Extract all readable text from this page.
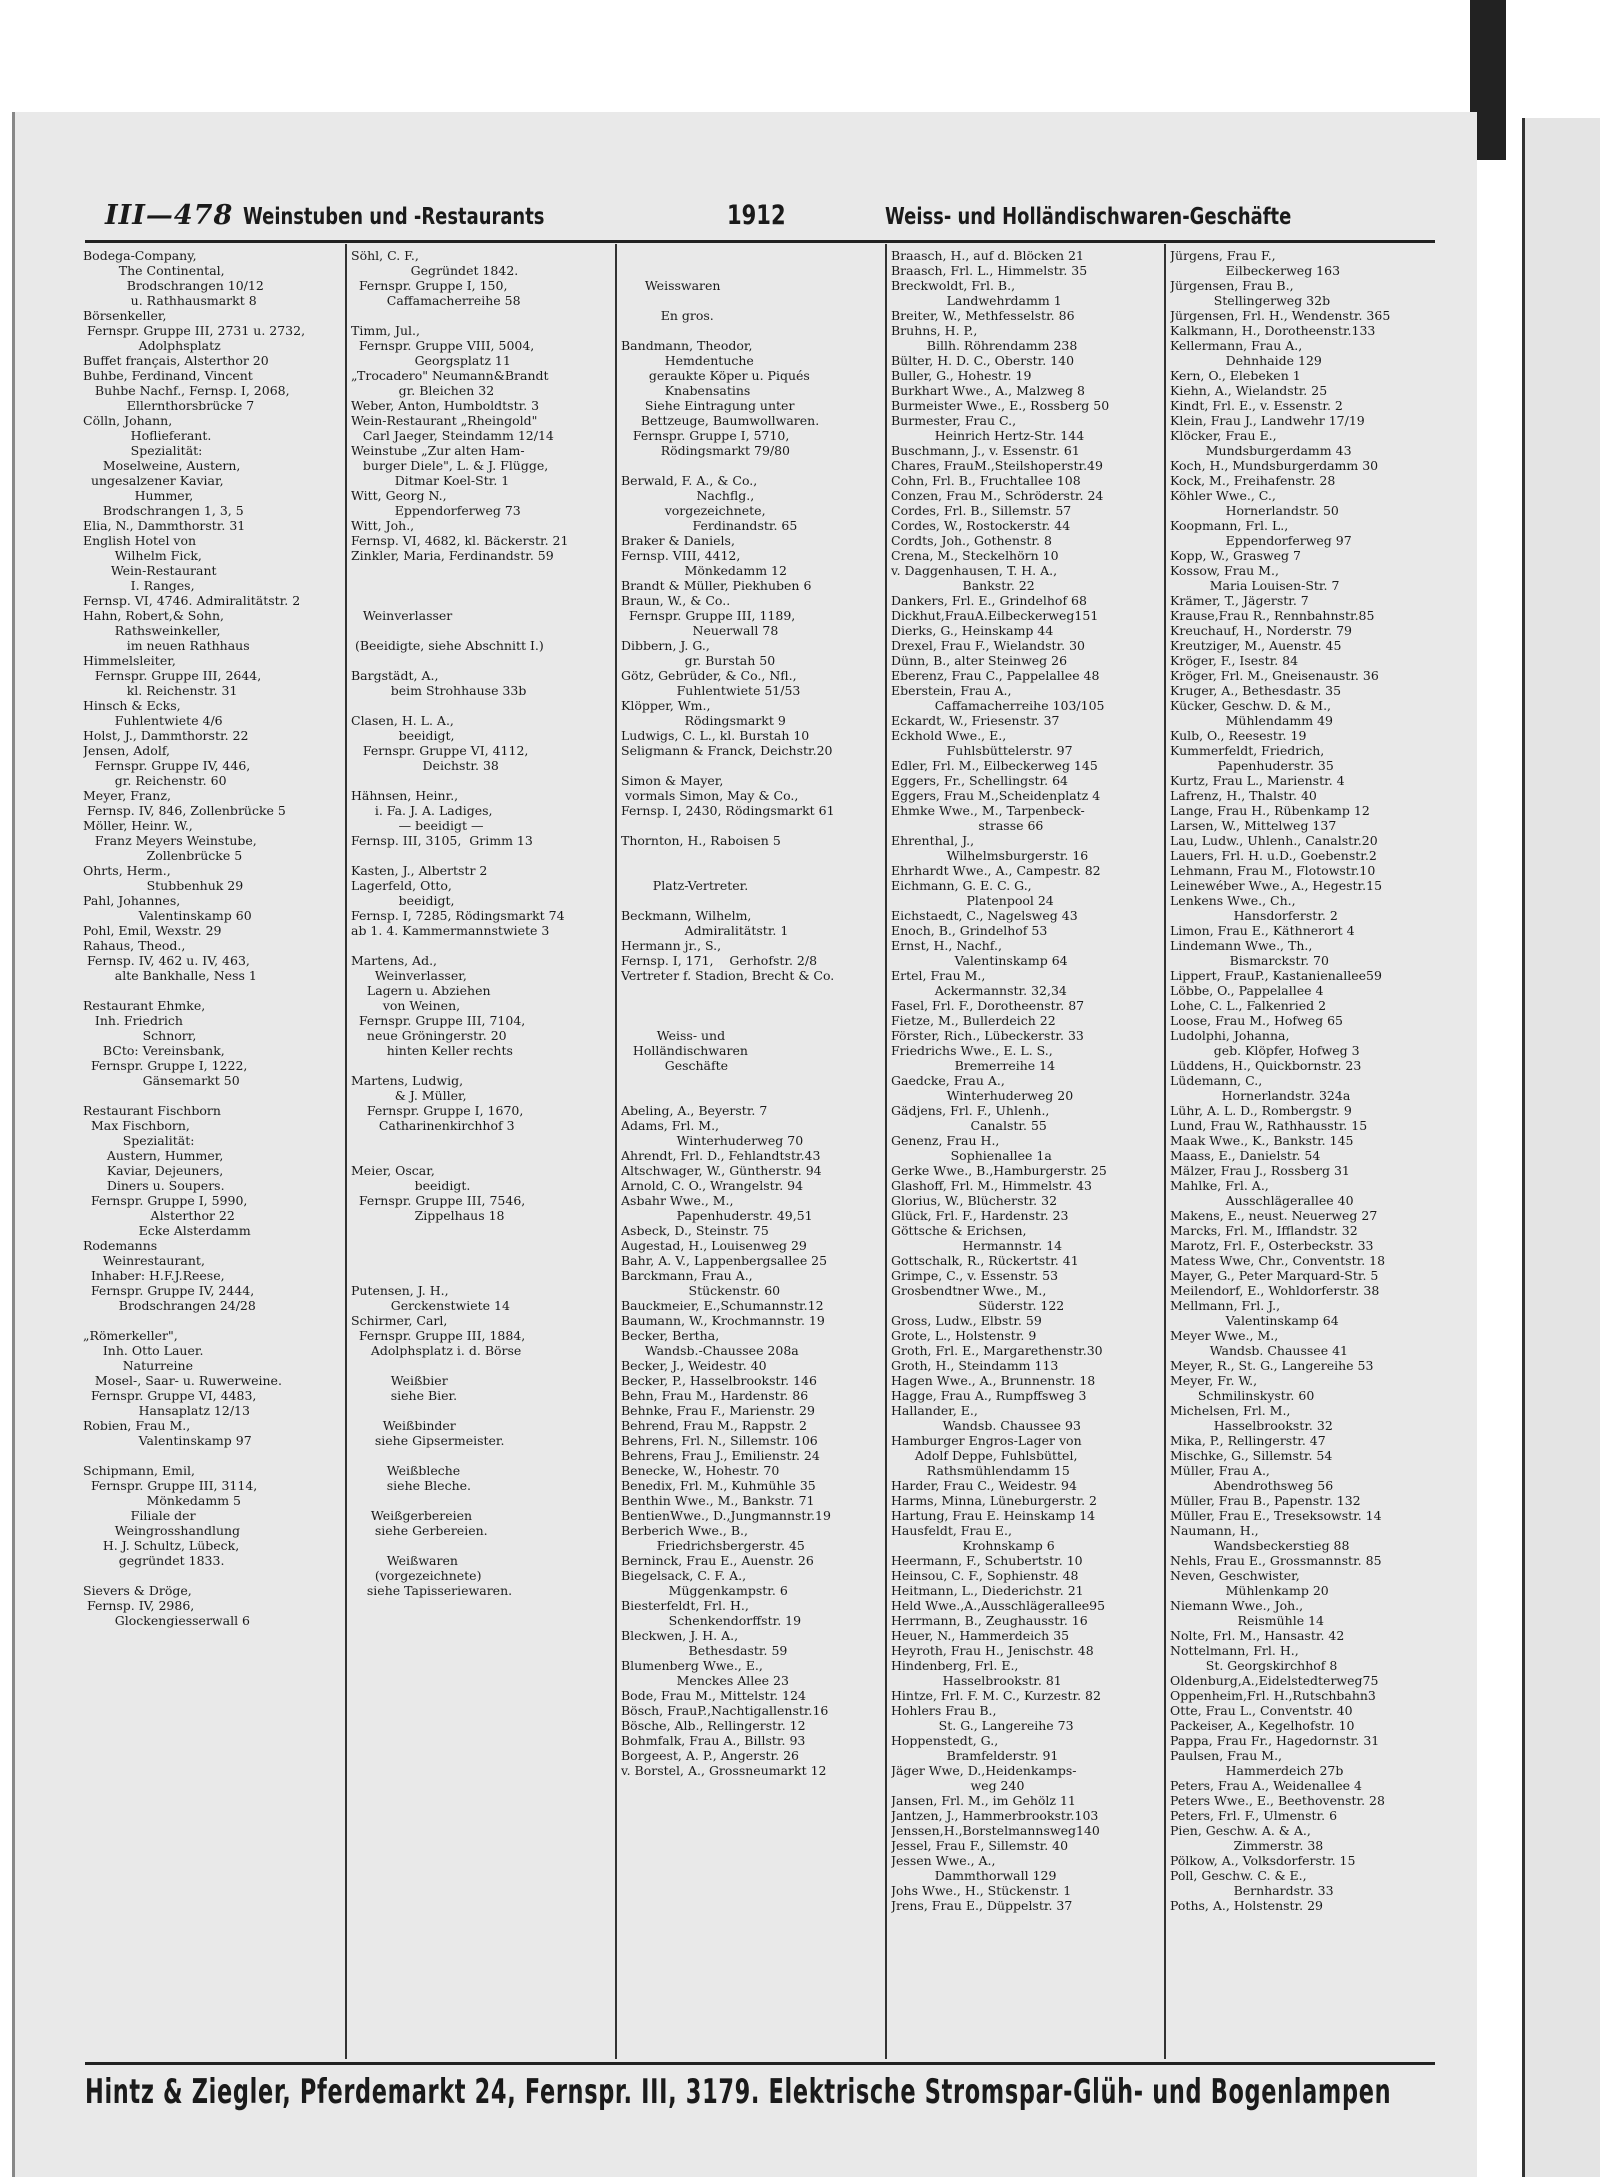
III—478 Weinstuben und -Restaurants	1912	Weiss- und Holländischwaren-Geschäfte
Bodega-Company,
The Continental,
Brodschrangen 10/12
u. Rathhausmarkt 8
Börsenkeller,
Fernspr. Gruppe III, 2731 u. 2732,
Adolphsplatz
Buffet français, Alsterthor 20
Buhbe, Ferdinand, Vincent
Buhbe Nachf., Fernsp. I, 2068,
Ellernthorsbrücke 7
Cölln, Johann,
Hoflieferant.
Spezialität:
Moselweine, Austern,
ungesalzener Kaviar,
Hummer,
Brodschrangen 1, 3, 5
Elia, N., Dammthorstr. 31
English Hotel von
Wilhelm Fick,
Wein-Restaurant
I. Ranges,
Fernsp. VI, 4746. Admiralitätstr. 2
Hahn, Robert,& Sohn,
Rathsweinkeller,
im neuen Rathhaus
Himmelsleiter,
Fernspr. Gruppe III, 2644,
kl. Reichenstr. 31
Hinsch & Ecks,
Fuhlentwiete 4/6
Holst, J., Dammthorstr. 22
Jensen, Adolf,
Fernspr. Gruppe IV, 446,
gr. Reichenstr. 60
Meyer, Franz,
Fernsp. IV, 846, Zollenbrücke 5
Möller, Heinr. W.,
Franz Meyers Weinstube,
Zollenbrücke 5
Ohrts, Herm.,
Stubbenhuk 29
Pahl, Johannes,
Valentinskamp 60
Pohl, Emil, Wexstr. 29
Rahaus, Theod.,
Fernsp. IV, 462 u. IV, 463,
alte Bankhalle, Ness 1

Restaurant Ehmke,
Inh. Friedrich
Schnorr,
BCto: Vereinsbank,
Fernspr. Gruppe I, 1222,
Gänsemarkt 50

Restaurant Fischborn
Max Fischborn,
Spezialität:
Austern, Hummer,
Kaviar, Dejeuners,
Diners u. Soupers.
Fernspr. Gruppe I, 5990,
Alsterthor 22
Ecke Alsterdamm
Rodemanns
Weinrestaurant,
Inhaber: H.F.J.Reese,
Fernspr. Gruppe IV, 2444,
Brodschrangen 24/28

„Römerkeller",
Inh. Otto Lauer.
Naturreine
Mosel-, Saar- u. Ruwerweine.
Fernspr. Gruppe VI, 4483,
Hansaplatz 12/13
Robien, Frau M.,
Valentinskamp 97

Schipmann, Emil,
Fernspr. Gruppe III, 3114,
Mönkedamm 5
Filiale der
Weingrosshandlung
H. J. Schultz, Lübeck,
gegründet 1833.

Sievers & Dröge,
Fernsp. IV, 2986,
Glockengiesserwall 6
Söhl, C. F.,
Gegründet 1842.
Fernspr. Gruppe I, 150,
Caffamacherreihe 58

Timm, Jul.,
Fernspr. Gruppe VIII, 5004,
Georgsplatz 11
„Trocadero" Neumann&Brandt
gr. Bleichen 32
Weber, Anton, Humboldtstr. 3
Wein-Restaurant „Rheingold"
Carl Jaeger, Steindamm 12/14
Weinstube „Zur alten Ham-
burger Diele", L. & J. Flügge,
Ditmar Koel-Str. 1
Witt, Georg N.,
Eppendorferweg 73
Witt, Joh.,
Fernsp. VI, 4682, kl. Bäckerstr. 21
Zinkler, Maria, Ferdinandstr. 59

Weinverlasser

(Beeidigte, siehe Abschnitt I.)

Bargstädt, A.,
beim Strohhause 33b

Clasen, H. L. A.,
beeidigt,
Fernspr. Gruppe VI, 4112,
Deichstr. 38

Hähnsen, Heinr.,
i. Fa. J. A. Ladiges,
— beeidigt —
Fernsp. III, 3105,  Grimm 13

Kasten, J., Albertstr 2
Lagerfeld, Otto,
beeidigt,
Fernsp. I, 7285, Rödingsmarkt 74
ab 1. 4. Kammermannstwiete 3

Martens, Ad.,
Weinverlasser,
Lagern u. Abziehen
von Weinen,
Fernspr. Gruppe III, 7104,
neue Gröningerstr. 20
hinten Keller rechts

Martens, Ludwig,
& J. Müller,
Fernspr. Gruppe I, 1670,
Catharinenkirchhof 3

Meier, Oscar,
beeidigt.
Fernspr. Gruppe III, 7546,
Zippelhaus 18

Putensen, J. H.,
Gerckenstwiete 14
Schirmer, Carl,
Fernspr. Gruppe III, 1884,
Adolphsplatz i. d. Börse

Weißbier
siehe Bier.

Weißbinder
siehe Gipsermeister.

Weißbleche
siehe Bleche.

Weißgerbereien
siehe Gerbereien.

Weißwaren
(vorgezeichnete)
siehe Tapisseriewaren.

Weisswaren

En gros.

Bandmann, Theodor,
Hemdentuche
geraukte Köper u. Piqués
Knabensatins
Siehe Eintragung unter
Bettzeuge, Baumwollwaren.
Fernspr. Gruppe I, 5710,
Rödingsmarkt 79/80

Berwald, F. A., & Co.,
Nachflg.,
vorgezeichnete,
Ferdinandstr. 65
Braker & Daniels,
Fernsp. VIII, 4412,
Mönkedamm 12
Brandt & Müller, Piekhuben 6
Braun, W., & Co..
Fernspr. Gruppe III, 1189,
Neuerwall 78
Dibbern, J. G.,
gr. Burstah 50
Götz, Gebrüder, & Co., Nfl.,
Fuhlentwiete 51/53
Klöpper, Wm.,
Rödingsmarkt 9
Ludwigs, C. L., kl. Burstah 10
Seligmann & Franck, Deichstr.20

Simon & Mayer,
vormals Simon, May & Co.,
Fernsp. I, 2430, Rödingsmarkt 61

Thornton, H., Raboisen 5

Platz-Vertreter.

Beckmann, Wilhelm,
Admiralitätstr. 1
Hermann jr., S.,
Fernsp. I, 171,    Gerhofstr. 2/8
Vertreter f. Stadion, Brecht & Co.

Weiss- und
Holländischwaren
Geschäfte

Abeling, A., Beyerstr. 7
Adams, Frl. M.,
Winterhuderweg 70
Ahrendt, Frl. D., Fehlandtstr.43
Altschwager, W., Güntherstr. 94
Arnold, C. O., Wrangelstr. 94
Asbahr Wwe., M.,
Papenhuderstr. 49,51
Asbeck, D., Steinstr. 75
Augestad, H., Louisenweg 29
Bahr, A. V., Lappenbergsallee 25
Barckmann, Frau A.,
Stückenstr. 60
Bauckmeier, E.,Schumannstr.12
Baumann, W., Krochmannstr. 19
Becker, Bertha,
Wandsb.-Chaussee 208a
Becker, J., Weidestr. 40
Becker, P., Hasselbrookstr. 146
Behn, Frau M., Hardenstr. 86
Behnke, Frau F., Marienstr. 29
Behrend, Frau M., Rappstr. 2
Behrens, Frl. N., Sillemstr. 106
Behrens, Frau J., Emilienstr. 24
Benecke, W., Hohestr. 70
Benedix, Frl. M., Kuhmühle 35
Benthin Wwe., M., Bankstr. 71
BentienWwe., D.,Jungmannstr.19
Berberich Wwe., B.,
Friedrichsbergerstr. 45
Berninck, Frau E., Auenstr. 26
Biegelsack, C. F. A.,
Müggenkampstr. 6
Biesterfeldt, Frl. H.,
Schenkendorffstr. 19
Bleckwen, J. H. A.,
Bethesdastr. 59
Blumenberg Wwe., E.,
Menckes Allee 23
Bode, Frau M., Mittelstr. 124
Bösch, FrauP.,Nachtigallenstr.16
Bösche, Alb., Rellingerstr. 12
Bohmfalk, Frau A., Billstr. 93
Borgeest, A. P., Angerstr. 26
v. Borstel, A., Grossneumarkt 12
Braasch, H., auf d. Blöcken 21
Braasch, Frl. L., Himmelstr. 35
Breckwoldt, Frl. B.,
Landwehrdamm 1
Breiter, W., Methfesselstr. 86
Bruhns, H. P.,
Billh. Röhrendamm 238
Bülter, H. D. C., Oberstr. 140
Buller, G., Hohestr. 19
Burkhart Wwe., A., Malzweg 8
Burmeister Wwe., E., Rossberg 50
Burmester, Frau C.,
Heinrich Hertz-Str. 144
Buschmann, J., v. Essenstr. 61
Chares, FrauM.,Steilshoperstr.49
Cohn, Frl. B., Fruchtallee 108
Conzen, Frau M., Schröderstr. 24
Cordes, Frl. B., Sillemstr. 57
Cordes, W., Rostockerstr. 44
Cordts, Joh., Gothenstr. 8
Crena, M., Steckelhörn 10
v. Daggenhausen, T. H. A.,
Bankstr. 22
Dankers, Frl. E., Grindelhof 68
Dickhut,FrauA.Eilbeckerweg151
Dierks, G., Heinskamp 44
Drexel, Frau F., Wielandstr. 30
Dünn, B., alter Steinweg 26
Eberenz, Frau C., Pappelallee 48
Eberstein, Frau A.,
Caffamacherreihe 103/105
Eckardt, W., Friesenstr. 37
Eckhold Wwe., E.,
Fuhlsbüttelerstr. 97
Edler, Frl. M., Eilbeckerweg 145
Eggers, Fr., Schellingstr. 64
Eggers, Frau M.,Scheidenplatz 4
Ehmke Wwe., M., Tarpenbeck-
strasse 66
Ehrenthal, J.,
Wilhelmsburgerstr. 16
Ehrhardt Wwe., A., Campestr. 82
Eichmann, G. E. C. G.,
Platenpool 24
Eichstaedt, C., Nagelsweg 43
Enoch, B., Grindelhof 53
Ernst, H., Nachf.,
Valentinskamp 64
Ertel, Frau M.,
Ackermannstr. 32,34
Fasel, Frl. F., Dorotheenstr. 87
Fietze, M., Bullerdeich 22
Förster, Rich., Lübeckerstr. 33
Friedrichs Wwe., E. L. S.,
Bremerreihe 14
Gaedcke, Frau A.,
Winterhuderweg 20
Gädjens, Frl. F., Uhlenh.,
Canalstr. 55
Genenz, Frau H.,
Sophienallee 1a
Gerke Wwe., B.,Hamburgerstr. 25
Glashoff, Frl. M., Himmelstr. 43
Glorius, W., Blücherstr. 32
Glück, Frl. F., Hardenstr. 23
Göttsche & Erichsen,
Hermannstr. 14
Gottschalk, R., Rückertstr. 41
Grimpe, C., v. Essenstr. 53
Grosbendtner Wwe., M.,
Süderstr. 122
Gross, Ludw., Elbstr. 59
Grote, L., Holstenstr. 9
Groth, Frl. E., Margarethenstr.30
Groth, H., Steindamm 113
Hagen Wwe., A., Brunnenstr. 18
Hagge, Frau A., Rumpffsweg 3
Hallander, E.,
Wandsb. Chaussee 93
Hamburger Engros-Lager von
Adolf Deppe, Fuhlsbüttel,
Rathsmühlendamm 15
Harder, Frau C., Weidestr. 94
Harms, Minna, Lüneburgerstr. 2
Hartung, Frau E. Heinskamp 14
Hausfeldt, Frau E.,
Krohnskamp 6
Heermann, F., Schubertstr. 10
Heinsou, C. F., Sophienstr. 48
Heitmann, L., Diederichstr. 21
Held Wwe.,A.,Ausschlägerallee95
Herrmann, B., Zeughausstr. 16
Heuer, N., Hammerdeich 35
Heyroth, Frau H., Jenischstr. 48
Hindenberg, Frl. E.,
Hasselbrookstr. 81
Hintze, Frl. F. M. C., Kurzestr. 82
Hohlers Frau B.,
St. G., Langereihe 73
Hoppenstedt, G.,
Bramfelderstr. 91
Jäger Wwe, D.,Heidenkamps-
weg 240
Jansen, Frl. M., im Gehölz 11
Jantzen, J., Hammerbrookstr.103
Jenssen,H.,Borstelmannsweg140
Jessel, Frau F., Sillemstr. 40
Jessen Wwe., A.,
Dammthorwall 129
Johs Wwe., H., Stückenstr. 1
Jrens, Frau E., Düppelstr. 37
Jürgens, Frau F.,
Eilbeckerweg 163
Jürgensen, Frau B.,
Stellingerweg 32b
Jürgensen, Frl. H., Wendenstr. 365
Kalkmann, H., Dorotheenstr.133
Kellermann, Frau A.,
Dehnhaide 129
Kern, O., Elebeken 1
Kiehn, A., Wielandstr. 25
Kindt, Frl. E., v. Essenstr. 2
Klein, Frau J., Landwehr 17/19
Klöcker, Frau E.,
Mundsburgerdamm 43
Koch, H., Mundsburgerdamm 30
Kock, M., Freihafenstr. 28
Köhler Wwe., C.,
Hornerlandstr. 50
Koopmann, Frl. L.,
Eppendorferweg 97
Kopp, W., Grasweg 7
Kossow, Frau M.,
Maria Louisen-Str. 7
Krämer, T., Jägerstr. 7
Krause,Frau R., Rennbahnstr.85
Kreuchauf, H., Norderstr. 79
Kreutziger, M., Auenstr. 45
Kröger, F., Isestr. 84
Kröger, Frl. M., Gneisenaustr. 36
Kruger, A., Bethesdastr. 35
Kücker, Geschw. D. & M.,
Mühlendamm 49
Kulb, O., Reesestr. 19
Kummerfeldt, Friedrich,
Papenhuderstr. 35
Kurtz, Frau L., Marienstr. 4
Lafrenz, H., Thalstr. 40
Lange, Frau H., Rübenkamp 12
Larsen, W., Mittelweg 137
Lau, Ludw., Uhlenh., Canalstr.20
Lauers, Frl. H. u.D., Goebenstr.2
Lehmann, Frau M., Flotowstr.10
Leinewéber Wwe., A., Hegestr.15
Lenkens Wwe., Ch.,
Hansdorferstr. 2
Limon, Frau E., Käthnerort 4
Lindemann Wwe., Th.,
Bismarckstr. 70
Lippert, FrauP., Kastanienallee59
Löbbe, O., Pappelallee 4
Lohe, C. L., Falkenried 2
Loose, Frau M., Hofweg 65
Ludolphi, Johanna,
geb. Klöpfer, Hofweg 3
Lüddens, H., Quickbornstr. 23
Lüdemann, C.,
Hornerlandstr. 324a
Lühr, A. L. D., Rombergstr. 9
Lund, Frau W., Rathhausstr. 15
Maak Wwe., K., Bankstr. 145
Maass, E., Danielstr. 54
Mälzer, Frau J., Rossberg 31
Mahlke, Frl. A.,
Ausschlägerallee 40
Makens, E., neust. Neuerweg 27
Marcks, Frl. M., Ifflandstr. 32
Marotz, Frl. F., Osterbeckstr. 33
Matess Wwe, Chr., Conventstr. 18
Mayer, G., Peter Marquard-Str. 5
Meilendorf, E., Wohldorferstr. 38
Mellmann, Frl. J.,
Valentinskamp 64
Meyer Wwe., M.,
Wandsb. Chaussee 41
Meyer, R., St. G., Langereihe 53
Meyer, Fr. W.,
Schmilinskystr. 60
Michelsen, Frl. M.,
Hasselbrookstr. 32
Mika, P., Rellingerstr. 47
Mischke, G., Sillemstr. 54
Müller, Frau A.,
Abendrothsweg 56
Müller, Frau B., Papenstr. 132
Müller, Frau E., Treseksowstr. 14
Naumann, H.,
Wandsbeckerstieg 88
Nehls, Frau E., Grossmannstr. 85
Neven, Geschwister,
Mühlenkamp 20
Niemann Wwe., Joh.,
Reismühle 14
Nolte, Frl. M., Hansastr. 42
Nottelmann, Frl. H.,
St. Georgskirchhof 8
Oldenburg,A.,Eidelstedterweg75
Oppenheim,Frl. H.,Rutschbahn3
Otte, Frau L., Conventstr. 40
Packeiser, A., Kegelhofstr. 10
Pappa, Frau Fr., Hagedornstr. 31
Paulsen, Frau M.,
Hammerdeich 27b
Peters, Frau A., Weidenallee 4
Peters Wwe., E., Beethovenstr. 28
Peters, Frl. F., Ulmenstr. 6
Pien, Geschw. A. & A.,
Zimmerstr. 38
Pölkow, A., Volksdorferstr. 15
Poll, Geschw. C. & E.,
Bernhardstr. 33
Poths, A., Holstenstr. 29
Hintz & Ziegler, Pferdemarkt 24, Fernspr. III, 3179. Elektrische Stromspar-Glüh- und Bogenlampen
